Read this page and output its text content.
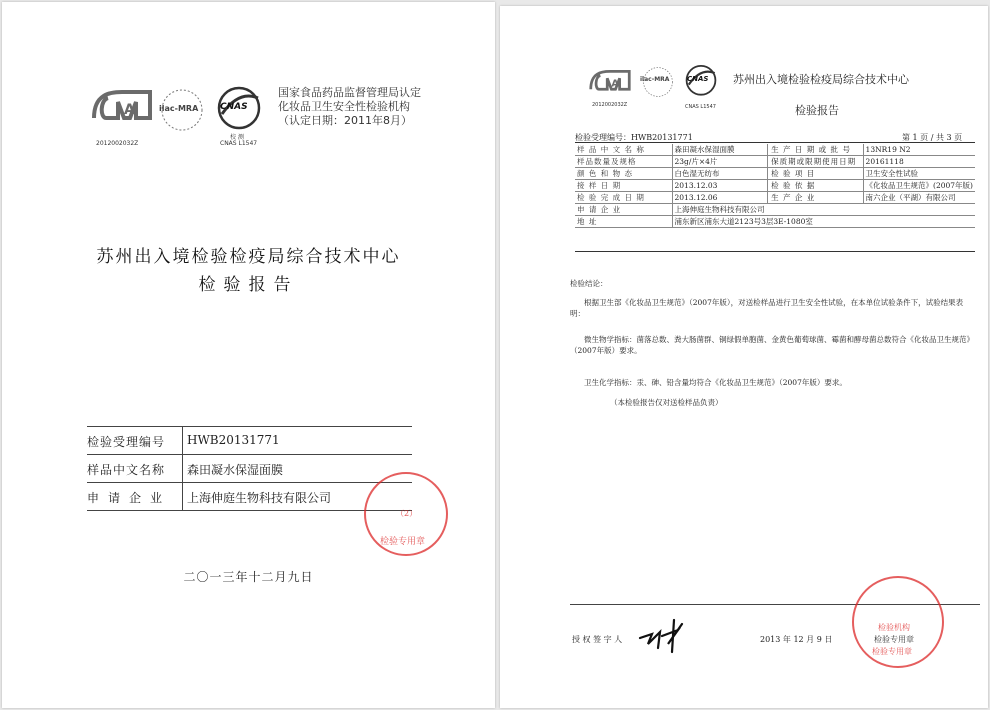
A
2012002032Z
ilac-MRA CNAS
校 测
CNAS L1547
国家食品药品监督管理局认定
化妆品卫生安全性检验机构
（认定日期：2011年8月）
苏州出入境检验检疫局综合技术中心
检验报告
检验受理编号	HWB20131771
样品中文名称	森田凝水保湿面膜
申请企业	上海伸庭生物科技有限公司
二〇一三年十二月九日
（2）
检验专用章
A
2012002032Z
ilac-MRA	CNAS
CNAS L1547
苏州出入境检验检疫局综合技术中心
检验报告
检验受理编号：HWB20131771	第 1 页 / 共 3 页
样 品 中 文 名 称	森田凝水保湿面膜	生 产 日 期 或 批 号	13NR19 N2
样品数量及规格	23g/片×4片	保质期或限期使用日期	20161118
颜 色 和 物 态	白色湿无纺布	检 验 项 目	卫生安全性试验
接 样 日 期	2013.12.03	检 验 依 据	《化妆品卫生规范》(2007年版)
检 验 完 成 日 期	2013.12.06	生 产 企 业	南六企业（平湖）有限公司
申 请 企 业	上海伸庭生物科技有限公司		
地 址	浦东新区浦东大道2123号3层3E-1080室		
检验结论：
根据卫生部《化妆品卫生规范》（2007年版），对送检样品进行卫生安全性试验，在本单位试验条件下，试验结果表明：
微生物学指标：菌落总数、粪大肠菌群、铜绿假单胞菌、金黄色葡萄球菌、霉菌和酵母菌总数符合《化妆品卫生规范》（2007年版）要求。
卫生化学指标：汞、砷、铅含量均符合《化妆品卫生规范》（2007年版）要求。
（本检验报告仅对送检样品负责）
授 权 签 字 人	2013 年 12 月 9 日
检验机构
检验专用章
检验专用章
